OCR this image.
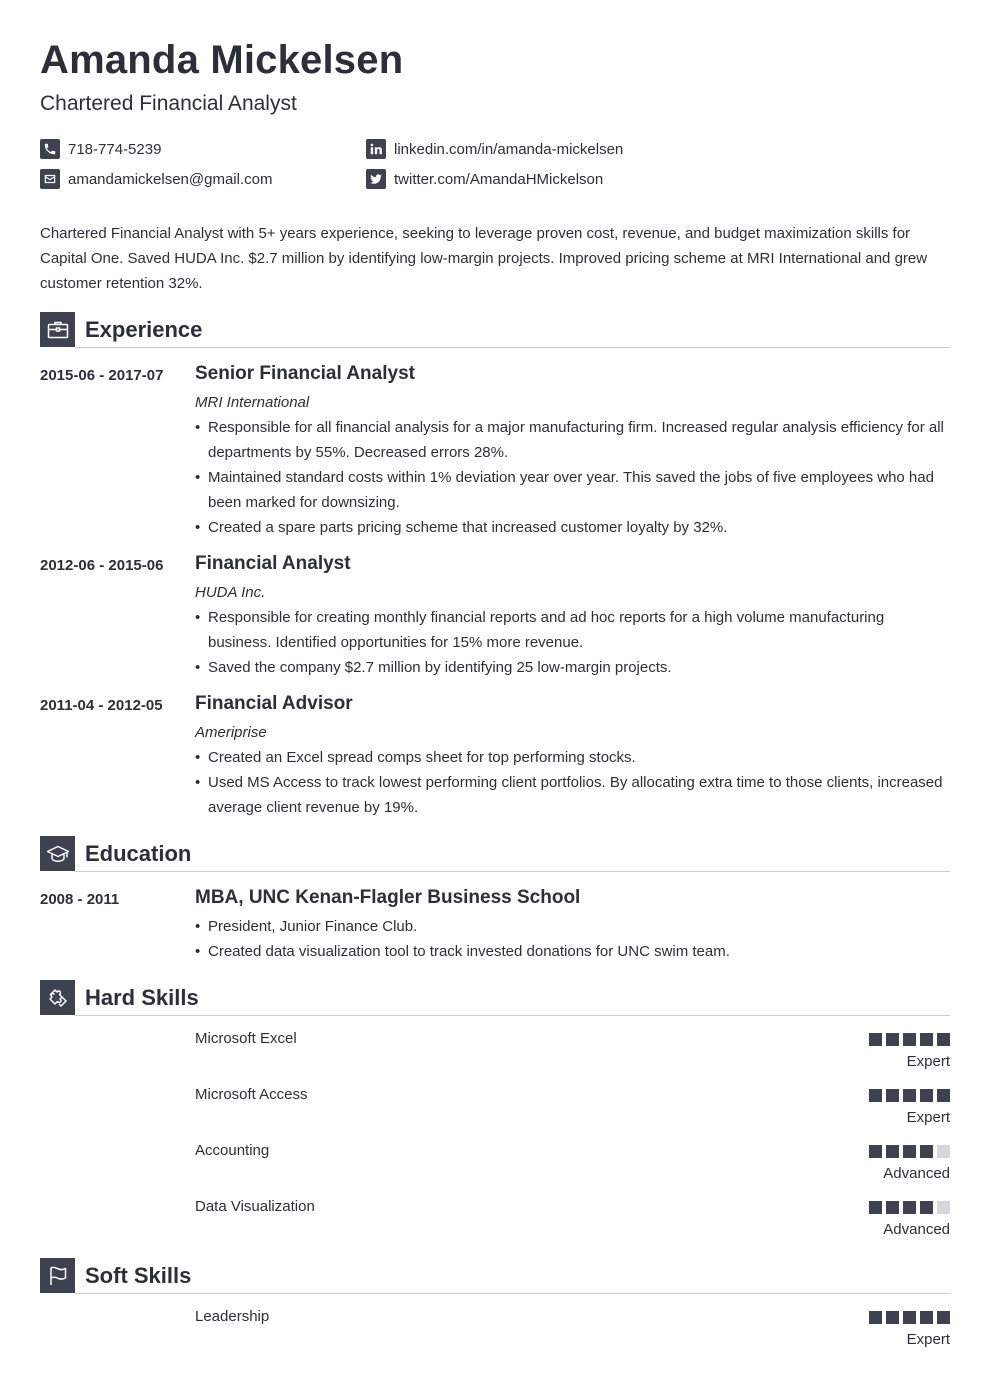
Amanda Mickelsen
Chartered Financial Analyst
718-774-5239
amandamickelsen@gmail.com
linkedin.com/in/amanda-mickelsen
twitter.com/AmandaHMickelson
Chartered Financial Analyst with 5+ years experience, seeking to leverage proven cost, revenue, and budget maximization skills for Capital One. Saved HUDA Inc. $2.7 million by identifying low-margin projects. Improved pricing scheme at MRI International and grew customer retention 32%.
Experience
2015-06 - 2017-07 Senior Financial Analyst
MRI International
• Responsible for all financial analysis for a major manufacturing firm. Increased regular analysis efficiency for all departments by 55%. Decreased errors 28%.
• Maintained standard costs within 1% deviation year over year. This saved the jobs of five employees who had been marked for downsizing.
• Created a spare parts pricing scheme that increased customer loyalty by 32%.
2012-06 - 2015-06 Financial Analyst
HUDA Inc.
• Responsible for creating monthly financial reports and ad hoc reports for a high volume manufacturing business. Identified opportunities for 15% more revenue.
• Saved the company $2.7 million by identifying 25 low-margin projects.
2011-04 - 2012-05 Financial Advisor
Ameriprise
• Created an Excel spread comps sheet for top performing stocks.
• Used MS Access to track lowest performing client portfolios. By allocating extra time to those clients, increased average client revenue by 19%.
Education
2008 - 2011	MBA, UNC Kenan-Flagler Business School
• President, Junior Finance Club.
• Created data visualization tool to track invested donations for UNC swim team.
Hard Skills
Microsoft Excel
Expert
Microsoft Access
Expert
Accounting
Advanced
Data Visualization
Advanced
Soft Skills
Leadership
Expert
